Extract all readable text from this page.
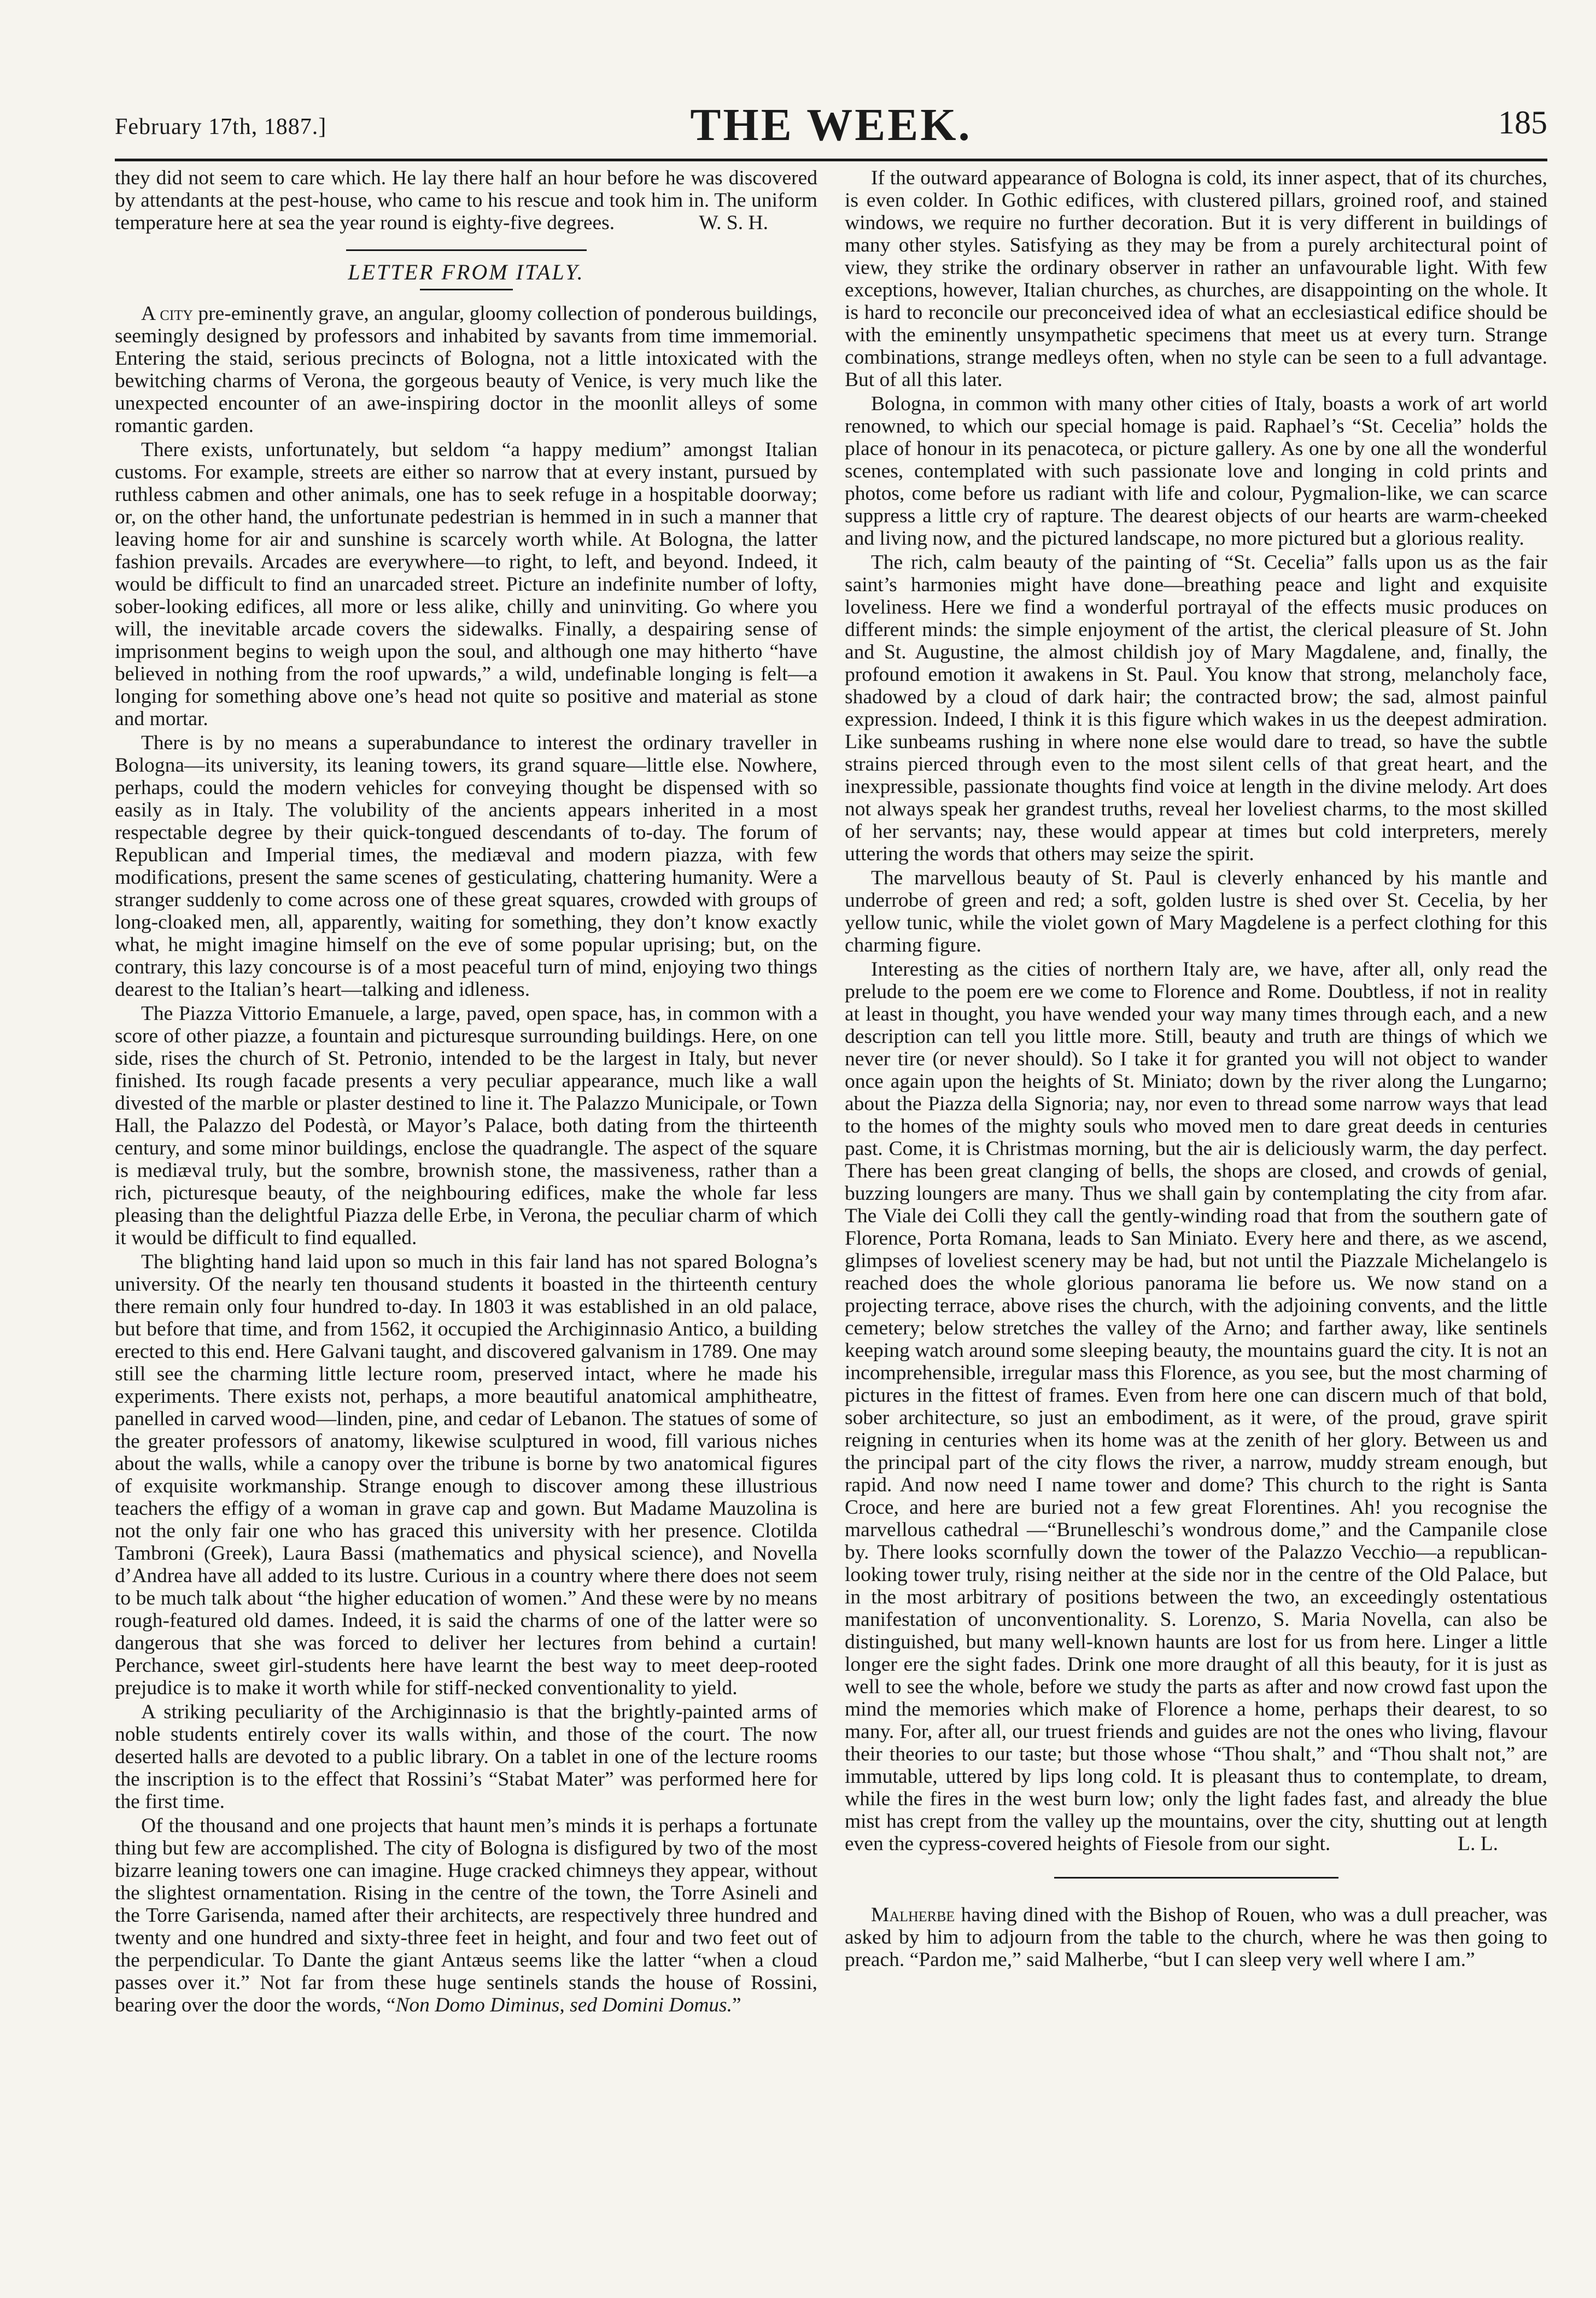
February 17th, 1887.]	THE WEEK.	185

they did not seem to care which. He lay there half an hour before he was discovered by attendants at the pest-house, who came to his rescue and took him in. The uniform temperature here at sea the year round is eighty-five degrees.	W. S. H.
LETTER FROM ITALY.

A city pre-eminently grave, an angular, gloomy collection of ponderous buildings, seemingly designed by professors and inhabited by savants from time immemorial. Entering the staid, serious precincts of Bologna, not a little intoxicated with the bewitching charms of Verona, the gorgeous beauty of Venice, is very much like the unexpected encounter of an awe-inspiring doctor in the moonlit alleys of some romantic garden.

There exists, unfortunately, but seldom “a happy medium” amongst Italian customs. For example, streets are either so narrow that at every instant, pursued by ruthless cabmen and other animals, one has to seek refuge in a hospitable doorway; or, on the other hand, the unfortunate pedestrian is hemmed in in such a manner that leaving home for air and sunshine is scarcely worth while. At Bologna, the latter fashion prevails. Arcades are everywhere—to right, to left, and beyond. Indeed, it would be difficult to find an unarcaded street. Picture an indefinite number of lofty, sober-looking edifices, all more or less alike, chilly and uninviting. Go where you will, the inevitable arcade covers the sidewalks. Finally, a despairing sense of imprisonment begins to weigh upon the soul, and although one may hitherto “have believed in nothing from the roof upwards,” a wild, undefinable longing is felt—a longing for something above one’s head not quite so positive and material as stone and mortar.

There is by no means a superabundance to interest the ordinary traveller in Bologna—its university, its leaning towers, its grand square—little else. Nowhere, perhaps, could the modern vehicles for conveying thought be dispensed with so easily as in Italy. The volubility of the ancients appears inherited in a most respectable degree by their quick-tongued descendants of to-day. The forum of Republican and Imperial times, the mediæval and modern piazza, with few modifications, present the same scenes of gesticulating, chattering humanity. Were a stranger suddenly to come across one of these great squares, crowded with groups of long-cloaked men, all, apparently, waiting for something, they don’t know exactly what, he might imagine himself on the eve of some popular uprising; but, on the contrary, this lazy concourse is of a most peaceful turn of mind, enjoying two things dearest to the Italian’s heart—talking and idleness.

The Piazza Vittorio Emanuele, a large, paved, open space, has, in common with a score of other piazze, a fountain and picturesque surrounding buildings. Here, on one side, rises the church of St. Petronio, intended to be the largest in Italy, but never finished. Its rough facade presents a very peculiar appearance, much like a wall divested of the marble or plaster destined to line it. The Palazzo Municipale, or Town Hall, the Palazzo del Podestà, or Mayor’s Palace, both dating from the thirteenth century, and some minor buildings, enclose the quadrangle. The aspect of the square is mediæval truly, but the sombre, brownish stone, the massiveness, rather than a rich, picturesque beauty, of the neighbouring edifices, make the whole far less pleasing than the delightful Piazza delle Erbe, in Verona, the peculiar charm of which it would be difficult to find equalled.

The blighting hand laid upon so much in this fair land has not spared Bologna’s university. Of the nearly ten thousand students it boasted in the thirteenth century there remain only four hundred to-day. In 1803 it was established in an old palace, but before that time, and from 1562, it occupied the Archiginnasio Antico, a building erected to this end. Here Galvani taught, and discovered galvanism in 1789. One may still see the charming little lecture room, preserved intact, where he made his experiments. There exists not, perhaps, a more beautiful anatomical amphitheatre, panelled in carved wood—linden, pine, and cedar of Lebanon. The statues of some of the greater professors of anatomy, likewise sculptured in wood, fill various niches about the walls, while a canopy over the tribune is borne by two anatomical figures of exquisite workmanship. Strange enough to discover among these illustrious teachers the effigy of a woman in grave cap and gown. But Madame Mauzolina is not the only fair one who has graced this university with her presence. Clotilda Tambroni (Greek), Laura Bassi (mathematics and physical science), and Novella d’Andrea have all added to its lustre. Curious in a country where there does not seem to be much talk about “the higher education of women.” And these were by no means rough-featured old dames. Indeed, it is said the charms of one of the latter were so dangerous that she was forced to deliver her lectures from behind a curtain! Perchance, sweet girl-students here have learnt the best way to meet deep-rooted prejudice is to make it worth while for stiff-necked conventionality to yield.

A striking peculiarity of the Archiginnasio is that the brightly-painted arms of noble students entirely cover its walls within, and those of the court. The now deserted halls are devoted to a public library. On a tablet in one of the lecture rooms the inscription is to the effect that Rossini’s “Stabat Mater” was performed here for the first time.

Of the thousand and one projects that haunt men’s minds it is perhaps a fortunate thing but few are accomplished. The city of Bologna is disfigured by two of the most bizarre leaning towers one can imagine. Huge cracked chimneys they appear, without the slightest ornamentation. Rising in the centre of the town, the Torre Asineli and the Torre Garisenda, named after their architects, are respectively three hundred and twenty and one hundred and sixty-three feet in height, and four and two feet out of the perpendicular. To Dante the giant Antæus seems like the latter “when a cloud passes over it.” Not far from these huge sentinels stands the house of Rossini, bearing over the door the words, “Non Domo Diminus, sed Domini Domus.”

If the outward appearance of Bologna is cold, its inner aspect, that of its churches, is even colder. In Gothic edifices, with clustered pillars, groined roof, and stained windows, we require no further decoration. But it is very different in buildings of many other styles. Satisfying as they may be from a purely architectural point of view, they strike the ordinary observer in rather an unfavourable light. With few exceptions, however, Italian churches, as churches, are disappointing on the whole. It is hard to reconcile our preconceived idea of what an ecclesiastical edifice should be with the eminently unsympathetic specimens that meet us at every turn. Strange combinations, strange medleys often, when no style can be seen to a full advantage. But of all this later.

Bologna, in common with many other cities of Italy, boasts a work of art world renowned, to which our special homage is paid. Raphael’s “St. Cecelia” holds the place of honour in its penacoteca, or picture gallery. As one by one all the wonderful scenes, contemplated with such passionate love and longing in cold prints and photos, come before us radiant with life and colour, Pygmalion-like, we can scarce suppress a little cry of rapture. The dearest objects of our hearts are warm-cheeked and living now, and the pictured landscape, no more pictured but a glorious reality.

The rich, calm beauty of the painting of “St. Cecelia” falls upon us as the fair saint’s harmonies might have done—breathing peace and light and exquisite loveliness. Here we find a wonderful portrayal of the effects music produces on different minds: the simple enjoyment of the artist, the clerical pleasure of St. John and St. Augustine, the almost childish joy of Mary Magdalene, and, finally, the profound emotion it awakens in St. Paul. You know that strong, melancholy face, shadowed by a cloud of dark hair; the contracted brow; the sad, almost painful expression. Indeed, I think it is this figure which wakes in us the deepest admiration. Like sunbeams rushing in where none else would dare to tread, so have the subtle strains pierced through even to the most silent cells of that great heart, and the inexpressible, passionate thoughts find voice at length in the divine melody. Art does not always speak her grandest truths, reveal her loveliest charms, to the most skilled of her servants; nay, these would appear at times but cold interpreters, merely uttering the words that others may seize the spirit.

The marvellous beauty of St. Paul is cleverly enhanced by his mantle and underrobe of green and red; a soft, golden lustre is shed over St. Cecelia, by her yellow tunic, while the violet gown of Mary Magdelene is a perfect clothing for this charming figure.

Interesting as the cities of northern Italy are, we have, after all, only read the prelude to the poem ere we come to Florence and Rome. Doubtless, if not in reality at least in thought, you have wended your way many times through each, and a new description can tell you little more. Still, beauty and truth are things of which we never tire (or never should). So I take it for granted you will not object to wander once again upon the heights of St. Miniato; down by the river along the Lungarno; about the Piazza della Signoria; nay, nor even to thread some narrow ways that lead to the homes of the mighty souls who moved men to dare great deeds in centuries past. Come, it is Christmas morning, but the air is deliciously warm, the day perfect. There has been great clanging of bells, the shops are closed, and crowds of genial, buzzing loungers are many. Thus we shall gain by contemplating the city from afar. The Viale dei Colli they call the gently-winding road that from the southern gate of Florence, Porta Romana, leads to San Miniato. Every here and there, as we ascend, glimpses of loveliest scenery may be had, but not until the Piazzale Michelangelo is reached does the whole glorious panorama lie before us. We now stand on a projecting terrace, above rises the church, with the adjoining convents, and the little cemetery; below stretches the valley of the Arno; and farther away, like sentinels keeping watch around some sleeping beauty, the mountains guard the city. It is not an incomprehensible, irregular mass this Florence, as you see, but the most charming of pictures in the fittest of frames. Even from here one can discern much of that bold, sober architecture, so just an embodiment, as it were, of the proud, grave spirit reigning in centuries when its home was at the zenith of her glory. Between us and the principal part of the city flows the river, a narrow, muddy stream enough, but rapid. And now need I name tower and dome? This church to the right is Santa Croce, and here are buried not a few great Florentines. Ah! you recognise the marvellous cathedral —“Brunelleschi’s wondrous dome,” and the Campanile close by. There looks scornfully down the tower of the Palazzo Vecchio—a republican-looking tower truly, rising neither at the side nor in the centre of the Old Palace, but in the most arbitrary of positions between the two, an exceedingly ostentatious manifestation of unconventionality. S. Lorenzo, S. Maria Novella, can also be distinguished, but many well-known haunts are lost for us from here. Linger a little longer ere the sight fades. Drink one more draught of all this beauty, for it is just as well to see the whole, before we study the parts as after and now crowd fast upon the mind the memories which make of Florence a home, perhaps their dearest, to so many. For, after all, our truest friends and guides are not the ones who living, flavour their theories to our taste; but those whose “Thou shalt,” and “Thou shalt not,” are immutable, uttered by lips long cold. It is pleasant thus to contemplate, to dream, while the fires in the west burn low; only the light fades fast, and already the blue mist has crept from the valley up the mountains, over the city, shutting out at length even the cypress-covered heights of Fiesole from our sight.	L. L.

Malherbe having dined with the Bishop of Rouen, who was a dull preacher, was asked by him to adjourn from the table to the church, where he was then going to preach. “Pardon me,” said Malherbe, “but I can sleep very well where I am.”
